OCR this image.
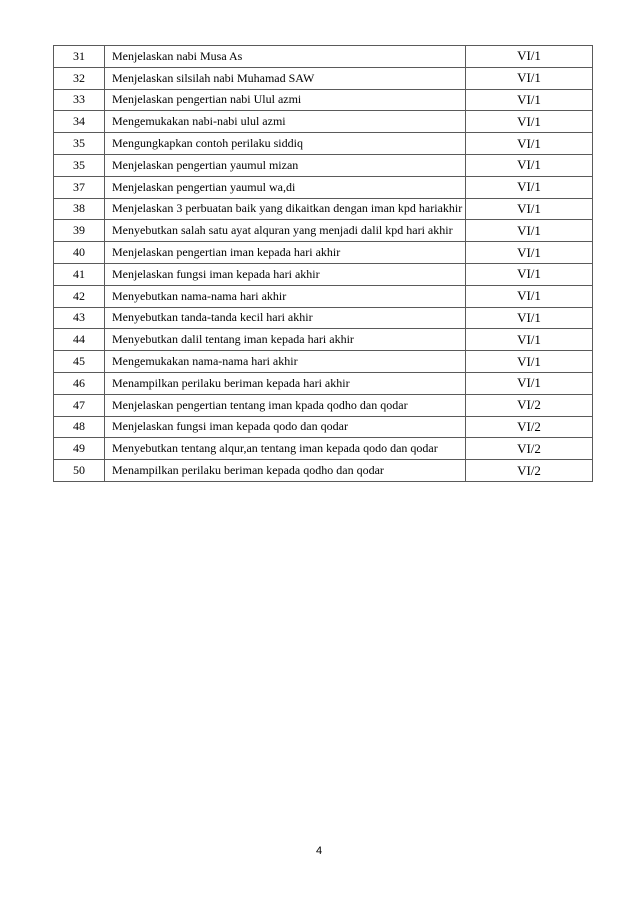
31	Menjelaskan nabi Musa As	VI/1
32	Menjelaskan silsilah nabi Muhamad SAW	VI/1
33	Menjelaskan pengertian nabi Ulul azmi	VI/1
34	Mengemukakan nabi-nabi ulul azmi	VI/1
35	Mengungkapkan contoh perilaku siddiq	VI/1
35	Menjelaskan pengertian yaumul mizan	VI/1
37	Menjelaskan pengertian yaumul wa,di	VI/1
38	Menjelaskan 3 perbuatan baik yang dikaitkan dengan iman kpd hariakhir	VI/1
39	Menyebutkan salah satu ayat alquran yang menjadi dalil kpd hari akhir	VI/1
40	Menjelaskan pengertian iman kepada hari akhir	VI/1
41	Menjelaskan fungsi iman kepada hari akhir	VI/1
42	Menyebutkan nama-nama hari akhir	VI/1
43	Menyebutkan tanda-tanda kecil hari akhir	VI/1
44	Menyebutkan dalil tentang iman kepada hari akhir	VI/1
45	Mengemukakan nama-nama hari akhir	VI/1
46	Menampilkan perilaku beriman kepada hari akhir	VI/1
47	Menjelaskan pengertian tentang iman kpada qodho dan qodar	VI/2
48	Menjelaskan fungsi iman kepada qodo dan qodar	VI/2
49	Menyebutkan tentang alqur,an tentang iman kepada qodo dan qodar	VI/2
50	Menampilkan perilaku beriman kepada qodho dan qodar	VI/2
4
